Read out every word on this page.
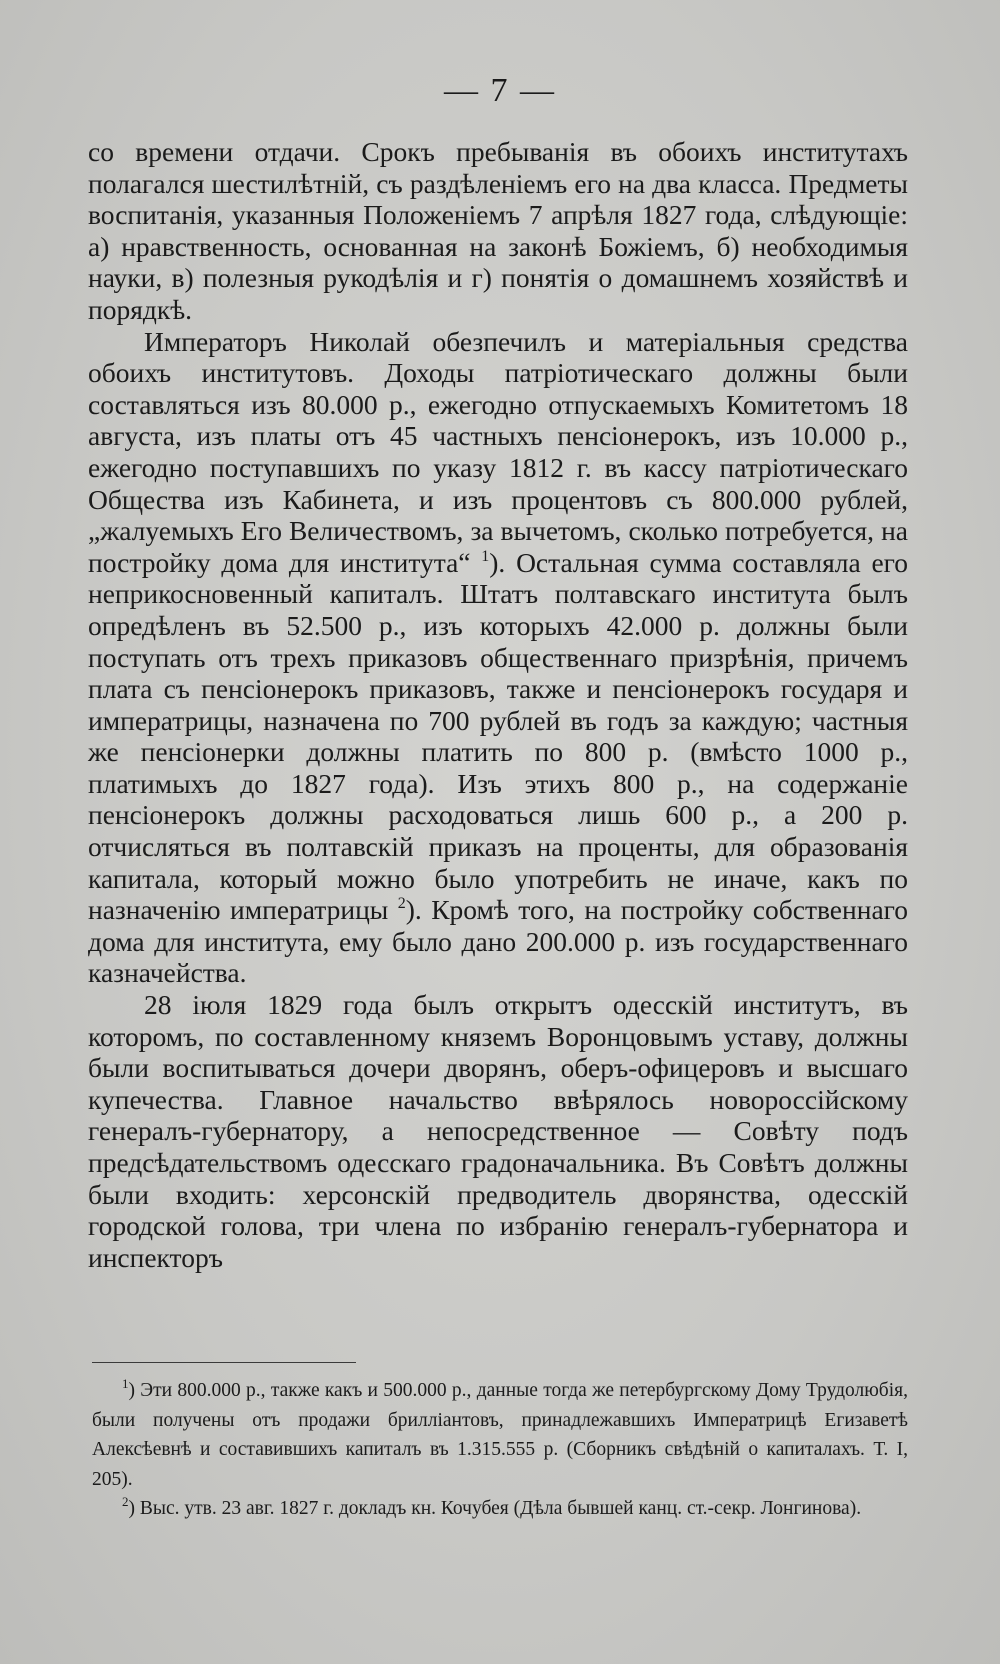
— 7 —

со времени отдачи. Срокъ пребыванія въ обоихъ институтахъ полагался шестилѣтній, съ раздѣленіемъ его на два класса. Предметы воспитанія, указанныя Положеніемъ 7 апрѣля 1827 года, слѣдующіе: а) нравственность, основанная на законѣ Божіемъ, б) необходимыя науки, в) полезныя рукодѣлія и г) понятія о домашнемъ хозяйствѣ и порядкѣ.

Императоръ Николай обезпечилъ и матеріальныя средства обоихъ институтовъ. Доходы патріотическаго должны были составляться изъ 80.000 р., ежегодно отпускаемыхъ Комитетомъ 18 августа, изъ платы отъ 45 частныхъ пенсіонерокъ, изъ 10.000 р., ежегодно поступавшихъ по указу 1812 г. въ кассу патріотическаго Общества изъ Кабинета, и изъ процентовъ съ 800.000 рублей, „жалуемыхъ Его Величествомъ, за вычетомъ, сколько потребуется, на постройку дома для института“ $^1$). Остальная сумма составляла его неприкосновенный капиталъ. Штатъ полтавскаго института былъ опредѣленъ въ 52.500 р., изъ которыхъ 42.000 р. должны были поступать отъ трехъ приказовъ общественнаго призрѣнія, причемъ плата съ пенсіонерокъ приказовъ, также и пенсіонерокъ государя и императрицы, назначена по 700 рублей въ годъ за каждую; частныя же пенсіонерки должны платить по 800 р. (вмѣсто 1000 р., платимыхъ до 1827 года). Изъ этихъ 800 р., на содержаніе пенсіонерокъ должны расходоваться лишь 600 р., а 200 р. отчисляться въ полтавскій приказъ на проценты, для образованія капитала, который можно было употребить не иначе, какъ по назначенію императрицы $^2$). Кромѣ того, на постройку собственнаго дома для института, ему было дано 200.000 р. изъ государственнаго казначейства.

28 іюля 1829 года былъ открытъ одесскій институтъ, въ которомъ, по составленному княземъ Воронцовымъ уставу, должны были воспитываться дочери дворянъ, оберъ-офицеровъ и высшаго купечества. Главное начальство ввѣрялось новороссійскому генералъ-губернатору, а непосредственное — Совѣту подъ предсѣдательствомъ одесскаго градоначальника. Въ Совѣтъ должны были входить: херсонскій предводитель дворянства, одесскій городской голова, три члена по избранію генералъ-губернатора и инспекторъ

$^1$) Эти 800.000 р., также какъ и 500.000 р., данные тогда же петербургскому Дому Трудолюбія, были получены отъ продажи бриллiантовъ, принадлежавшихъ Императрицѣ Егизаветѣ Алексѣевнѣ и составившихъ капиталъ въ 1.315.555 р. (Сборникъ свѣдѣній о капиталахъ. Т. I, 205).

$^2$) Выс. утв. 23 авг. 1827 г. докладъ кн. Кочубея (Дѣла бывшей канц. ст.-секр. Лонгинова).
